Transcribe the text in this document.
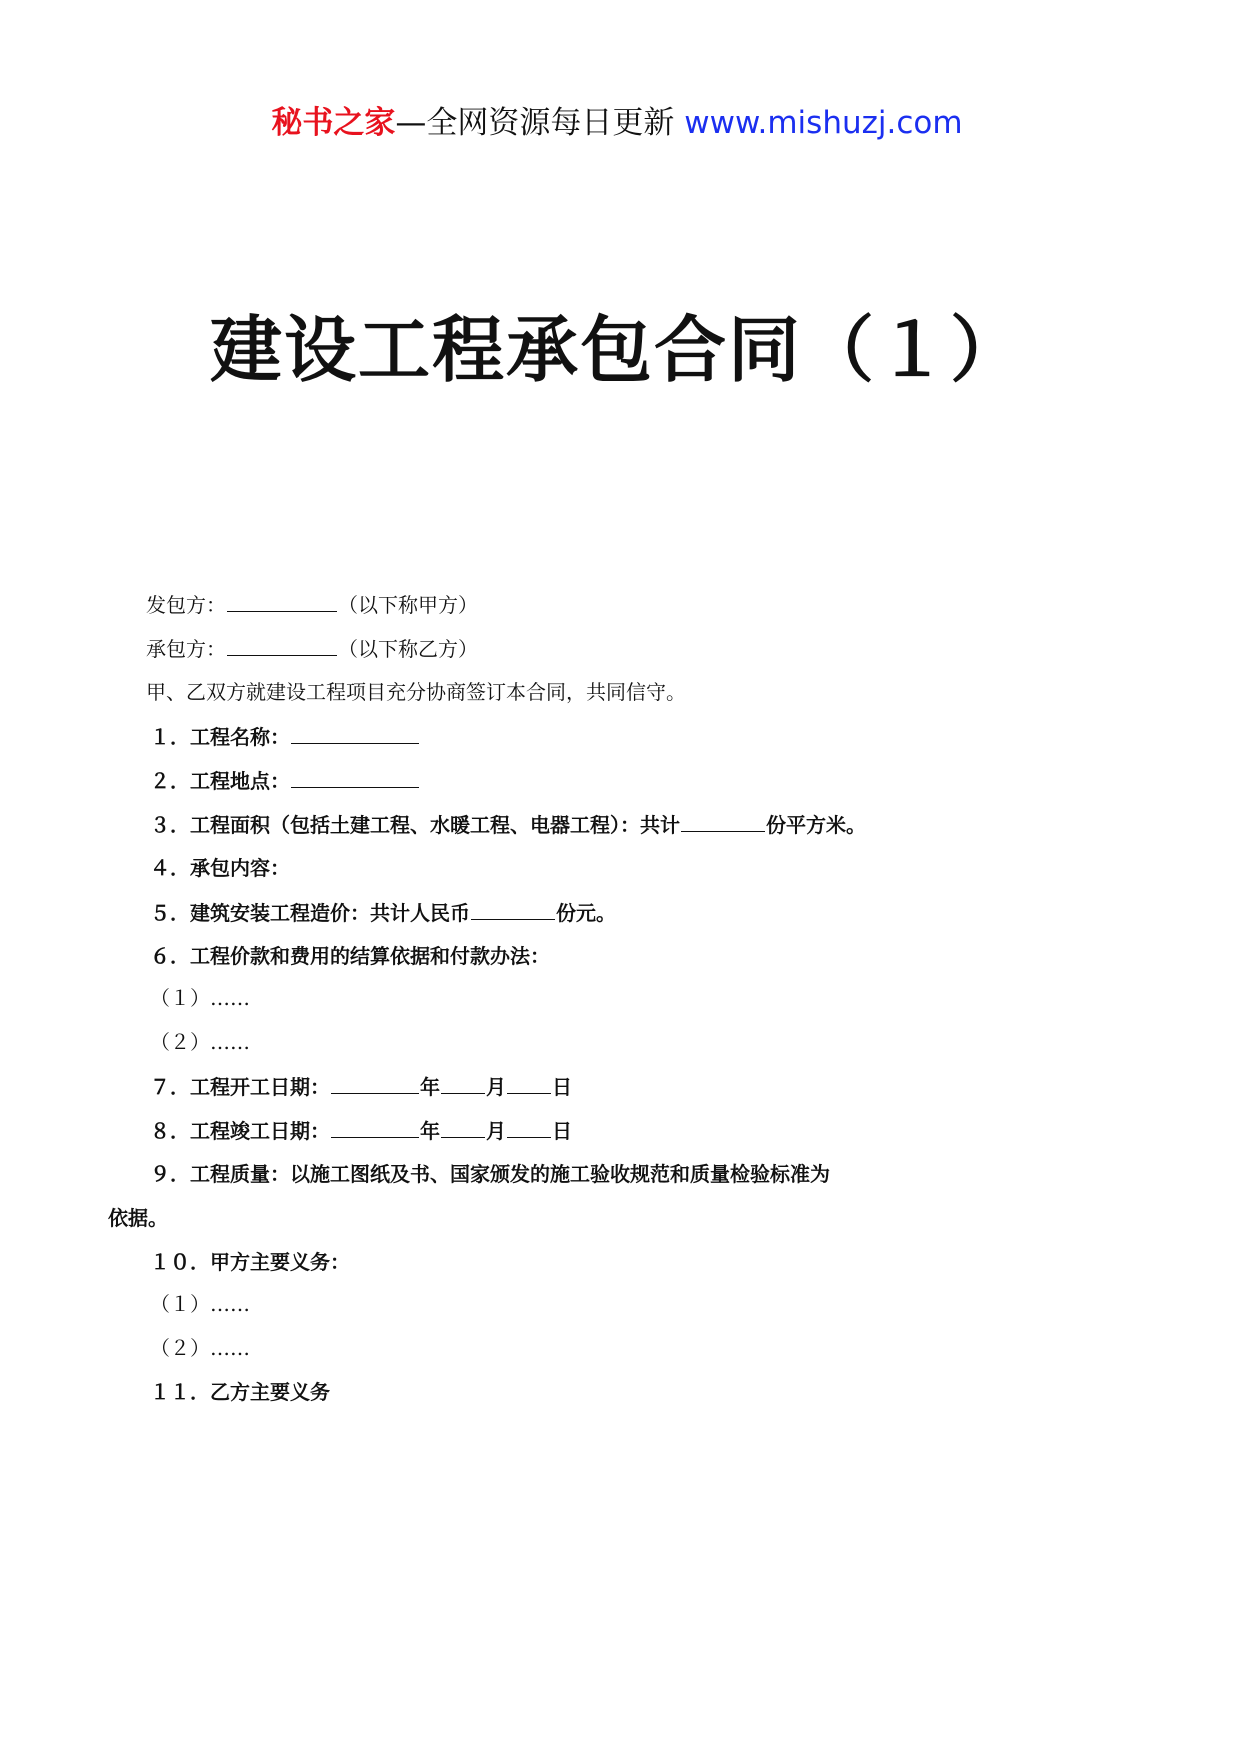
秘书之家—全网资源每日更新 www.mishuzj.com
建设工程承包合同（１）
发包方：	（以下称甲方）
承包方：	（以下称乙方）
甲、乙双方就建设工程项目充分协商签订本合同，共同信守。
１．工程名称：
２．工程地点：
３．工程面积（包括土建工程、水暖工程、电器工程）：共计	份平方米。
４．承包内容：
５．建筑安装工程造价：共计人民币	份元。
６．工程价款和费用的结算依据和付款办法：
（１）……
（２）……
７．工程开工日期：	年 月 日
８．工程竣工日期：	年 月 日
９．工程质量：以施工图纸及书、国家颁发的施工验收规范和质量检验标准为
依据。
１０．甲方主要义务：
（１）……
（２）……
１１．乙方主要义务
